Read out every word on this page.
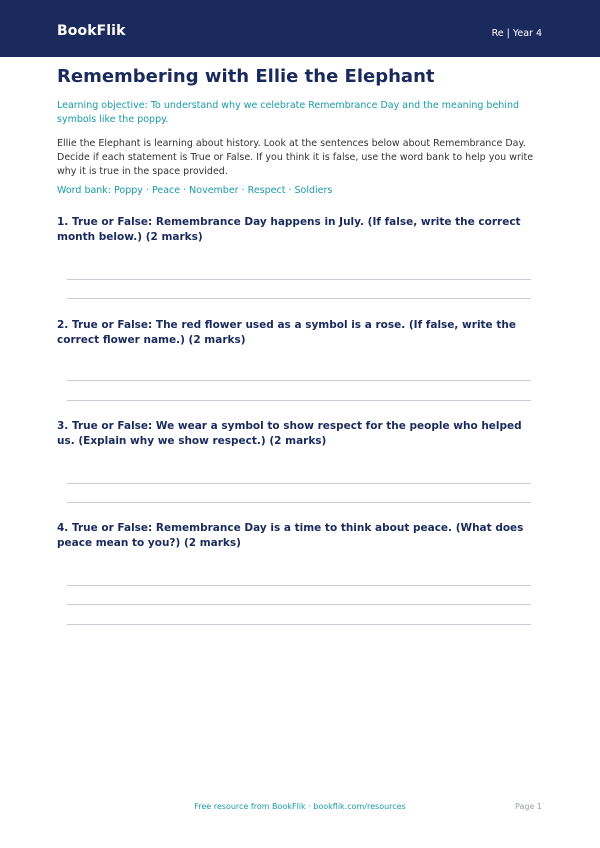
BookFlik	Re | Year 4
Remembering with Ellie the Elephant
Learning objective: To understand why we celebrate Remembrance Day and the meaning behind symbols like the poppy.
Ellie the Elephant is learning about history. Look at the sentences below about Remembrance Day. Decide if each statement is True or False. If you think it is false, use the word bank to help you write why it is true in the space provided.
Word bank: Poppy · Peace · November · Respect · Soldiers
1. True or False: Remembrance Day happens in July. (If false, write the correct month below.) (2 marks)
2. True or False: The red flower used as a symbol is a rose. (If false, write the correct flower name.) (2 marks)
3. True or False: We wear a symbol to show respect for the people who helped us. (Explain why we show respect.) (2 marks)
4. True or False: Remembrance Day is a time to think about peace. (What does peace mean to you?) (2 marks)
Free resource from BookFlik · bookflik.com/resources	Page 1
